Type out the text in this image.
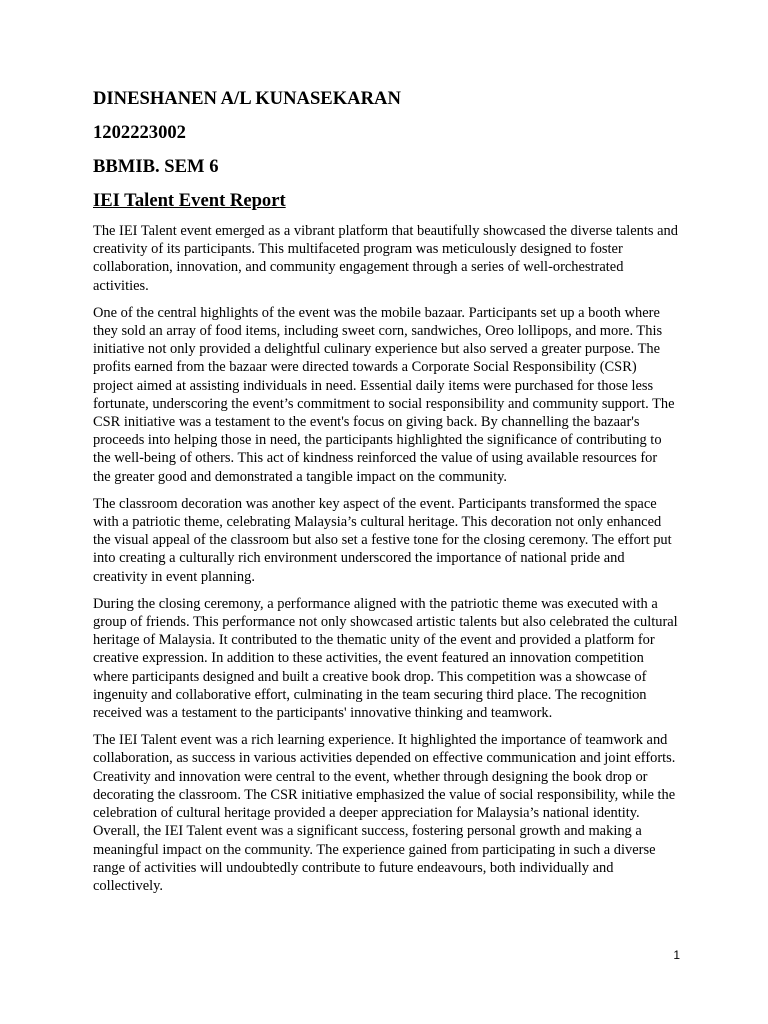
DINESHANEN A/L KUNASEKARAN
1202223002
BBMIB. SEM 6
IEI Talent Event Report

The IEI Talent event emerged as a vibrant platform that beautifully showcased the diverse talents and creativity of its participants. This multifaceted program was meticulously designed to foster collaboration, innovation, and community engagement through a series of well-orchestrated activities.

One of the central highlights of the event was the mobile bazaar. Participants set up a booth where they sold an array of food items, including sweet corn, sandwiches, Oreo lollipops, and more. This initiative not only provided a delightful culinary experience but also served a greater purpose. The profits earned from the bazaar were directed towards a Corporate Social Responsibility (CSR) project aimed at assisting individuals in need. Essential daily items were purchased for those less fortunate, underscoring the event’s commitment to social responsibility and community support. The CSR initiative was a testament to the event's focus on giving back. By channelling the bazaar's proceeds into helping those in need, the participants highlighted the significance of contributing to the well-being of others. This act of kindness reinforced the value of using available resources for the greater good and demonstrated a tangible impact on the community.

The classroom decoration was another key aspect of the event. Participants transformed the space with a patriotic theme, celebrating Malaysia’s cultural heritage. This decoration not only enhanced the visual appeal of the classroom but also set a festive tone for the closing ceremony. The effort put into creating a culturally rich environment underscored the importance of national pride and creativity in event planning.

During the closing ceremony, a performance aligned with the patriotic theme was executed with a group of friends. This performance not only showcased artistic talents but also celebrated the cultural heritage of Malaysia. It contributed to the thematic unity of the event and provided a platform for creative expression. In addition to these activities, the event featured an innovation competition where participants designed and built a creative book drop. This competition was a showcase of ingenuity and collaborative effort, culminating in the team securing third place. The recognition received was a testament to the participants' innovative thinking and teamwork.

The IEI Talent event was a rich learning experience. It highlighted the importance of teamwork and collaboration, as success in various activities depended on effective communication and joint efforts. Creativity and innovation were central to the event, whether through designing the book drop or decorating the classroom. The CSR initiative emphasized the value of social responsibility, while the celebration of cultural heritage provided a deeper appreciation for Malaysia’s national identity. Overall, the IEI Talent event was a significant success, fostering personal growth and making a meaningful impact on the community. The experience gained from participating in such a diverse range of activities will undoubtedly contribute to future endeavours, both individually and collectively.

1
